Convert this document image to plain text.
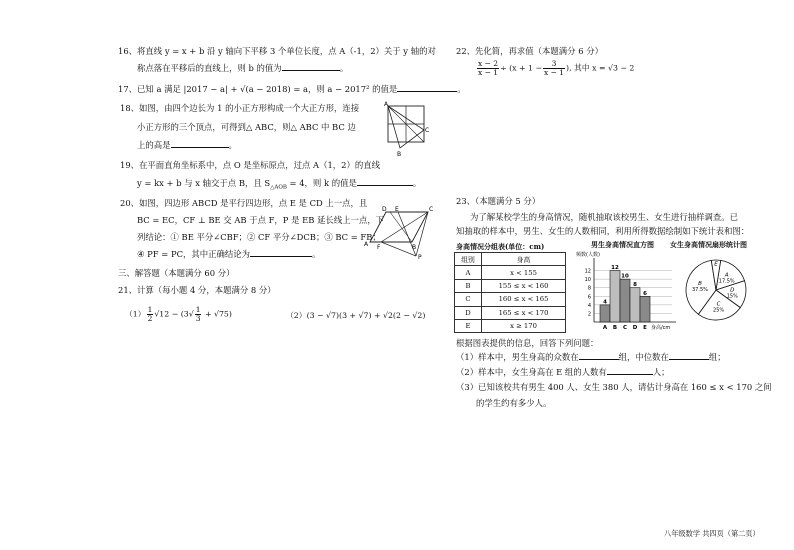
16、将直线 y = x + b 沿 y 轴向下平移 3 个单位长度，点 A（-1，2）关于 y 轴的对
称点落在平移后的直线上，则 b 的值为	。
17、已知 a 满足 |2017 − a| + √(a − 2018) = a，则 a − 2017² 的值是	。
18、如图，由四个边长为 1 的小正方形构成一个大正方形，连接
小正方形的三个顶点，可得到△ ABC，则△ ABC 中 BC 边
上的高是	。
A
C
B
19、在平面直角坐标系中，点 O 是坐标原点，过点 A（1，2）的直线
y = kx + b 与 x 轴交于点 B，且 $S_{\triangle AOB} = 4$，则 k 的值是	。
20、如图，四边形 ABCD 是平行四边形，点 E 是 CD 上一点，且
BC = EC，CF ⊥ BE 交 AB 于点 F，P 是 EB 延长线上一点，下
列结论：① BE 平分∠CBF；② CF 平分∠DCB；③ BC = FB；
④ PF = PC，其中正确结论为	。
D E	C
A F	B
P
三、解答题（本题满分 60 分）
21、计算（每小题 4 分，本题满分 8 分）
$(1) \frac{1}{2} √12 - (3√ \frac{1}{3} + √75)$	（2）(3 − √7)(3 + √7) + √2(2 − √2)
22、先化简，再求值（本题满分 6 分）
$\frac{x - 2}{x - 1} \div (x + 1 - \frac{3}{x - 1}$ ), 其中 x = √3 − 2
23、（本题满分 5 分）
为了解某校学生的身高情况，随机抽取该校男生、女生进行抽样调查。已
知抽取的样本中，男生、女生的人数相同，利用所得数据绘制如下统计表和图：
身高情况分组表(单位：cm)
组别	身高
A	x < 155
B	155 ≤ x < 160
C	160 ≤ x < 165
D	165 ≤ x < 170
E	x ≥ 170
男生身高情况直方图
2
4
6
8
10
12
频数(人数)
4
A
12
B
10
C
8
D
6
E 身高/cm
女生身高情况扇形统计图
A
17.5%
D
15%
C
25%
B
37.5%
E
根据图表提供的信息，回答下列问题：
（1）样本中，男生身高的众数在	组，中位数在	组；
（2）样本中，女生身高在 E 组的人数有	人；
（3）已知该校共有男生 400 人、女生 380 人，请估计身高在 160 ≤ x < 170 之间
的学生约有多少人。
八年级数学 共四页（第二页）
